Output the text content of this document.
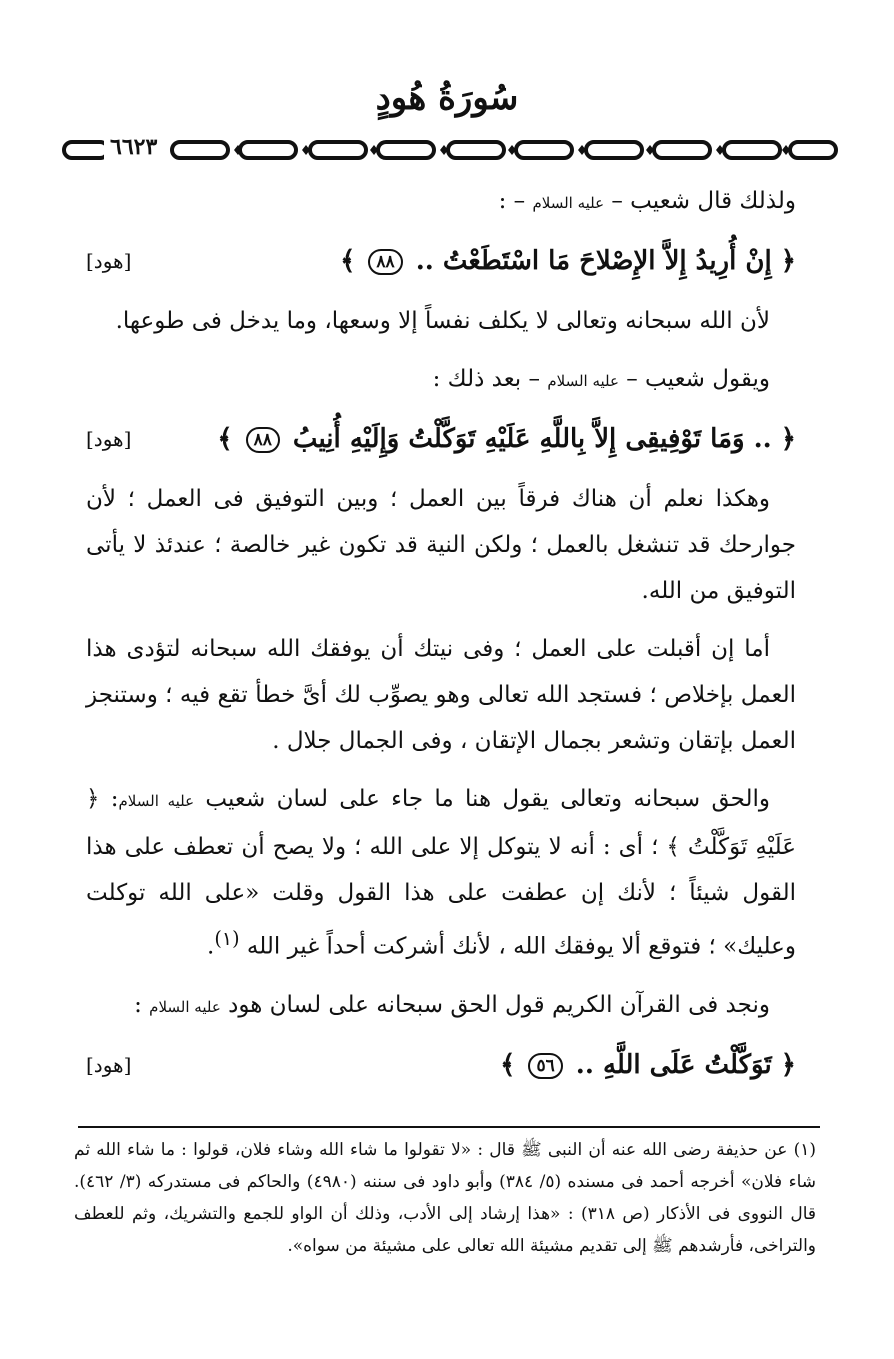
سُورَةُ هُودٍ
٦٦٢٣

ولذلك قال شعيب – عليه السلام – :

﴿ إِنْ أُرِيدُ إِلاَّ الإِصْلاحَ مَا اسْتَطَعْتُ .. ٨٨ ﴾
[هود]

لأن الله سبحانه وتعالى لا يكلف نفساً إلا وسعها، وما يدخل فى طوعها.

ويقول شعيب – عليه السلام – بعد ذلك :

﴿ .. وَمَا تَوْفِيقِى إِلاَّ بِاللَّهِ عَلَيْهِ تَوَكَّلْتُ وَإِلَيْهِ أُنِيبُ ٨٨ ﴾
[هود]

وهكذا نعلم أن هناك فرقاً بين العمل ؛ وبين التوفيق فى العمل ؛ لأن جوارحك قد تنشغل بالعمل ؛ ولكن النية قد تكون غير خالصة ؛ عندئذ لا يأتى التوفيق من الله.

أما إن أقبلت على العمل ؛ وفى نيتك أن يوفقك الله سبحانه لتؤدى هذا العمل بإخلاص ؛ فستجد الله تعالى وهو يصوِّب لك أىَّ خطأ تقع فيه ؛ وستنجز العمل بإتقان وتشعر بجمال الإتقان ، وفى الجمال جلال .

والحق سبحانه وتعالى يقول هنا ما جاء على لسان شعيب عليه السلام: ﴿ عَلَيْهِ تَوَكَّلْتُ ﴾ ؛ أى : أنه لا يتوكل إلا على الله ؛ ولا يصح أن تعطف على هذا القول شيئاً ؛ لأنك إن عطفت على هذا القول وقلت «على الله توكلت وعليك» ؛ فتوقع ألا يوفقك الله ، لأنك أشركت أحداً غير الله $^{(١)}$.

ونجد فى القرآن الكريم قول الحق سبحانه على لسان هود عليه السلام :

﴿ تَوَكَّلْتُ عَلَى اللَّهِ .. ٥٦ ﴾
[هود]
(١) عن حذيفة رضى الله عنه أن النبى ﷺ قال : «لا تقولوا ما شاء الله وشاء فلان، قولوا : ما شاء الله ثم شاء فلان» أخرجه أحمد فى مسنده (٥/ ٣٨٤) وأبو داود فى سننه (٤٩٨٠) والحاكم فى مستدركه (٣/ ٤٦٢). قال النووى فى الأذكار (ص ٣١٨) : «هذا إرشاد إلى الأدب، وذلك أن الواو للجمع والتشريك، وثم للعطف والتراخى، فأرشدهم ﷺ إلى تقديم مشيئة الله تعالى على مشيئة من سواه».
